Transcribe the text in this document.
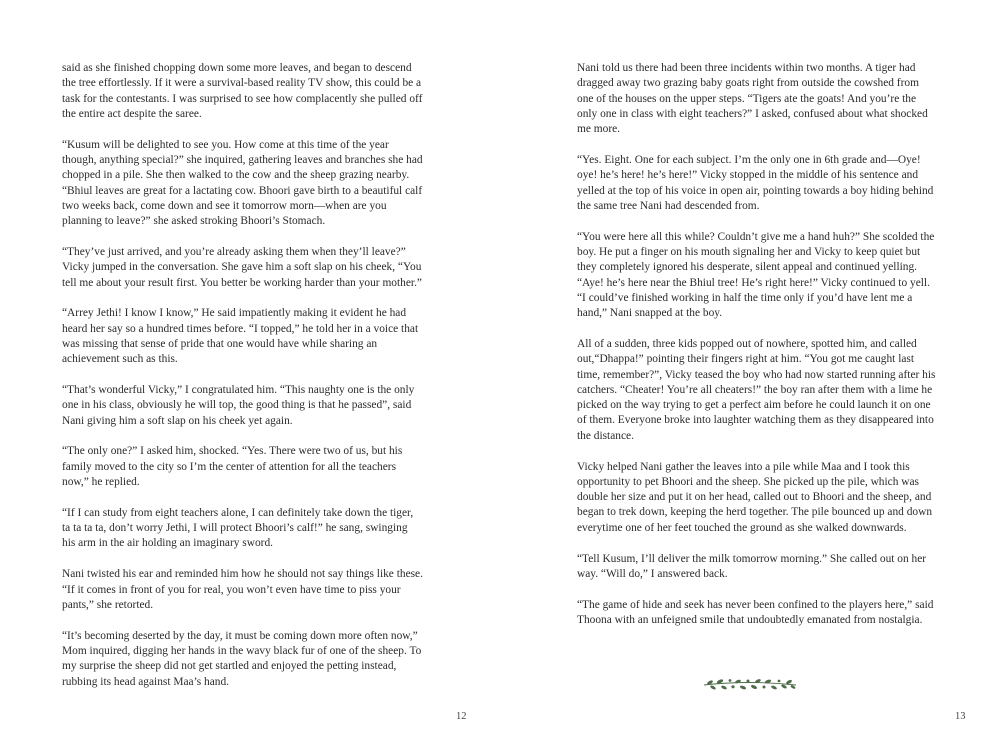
said as she finished chopping down some more leaves, and began to descend the tree effortlessly. If it were a survival-based reality TV show, this could be a task for the contestants. I was surprised to see how complacently she pulled off the entire act despite the saree.

“Kusum will be delighted to see you. How come at this time of the year though, anything special?” she inquired, gathering leaves and branches she had chopped in a pile. She then walked to the cow and the sheep grazing nearby. “Bhiul leaves are great for a lactating cow. Bhoori gave birth to a beautiful calf two weeks back, come down and see it tomorrow morn—when are you planning to leave?” she asked stroking Bhoori’s Stomach.

“They’ve just arrived, and you’re already asking them when they’ll leave?” Vicky jumped in the conversation. She gave him a soft slap on his cheek, “You tell me about your result first. You better be working harder than your mother.”

“Arrey Jethi! I know I know,” He said impatiently making it evident he had heard her say so a hundred times before. “I topped,” he told her in a voice that was missing that sense of pride that one would have while sharing an achievement such as this.

“That’s wonderful Vicky,” I congratulated him. “This naughty one is the only one in his class, obviously he will top, the good thing is that he passed”, said Nani giving him a soft slap on his cheek yet again.

“The only one?” I asked him, shocked. “Yes. There were two of us, but his family moved to the city so I’m the center of attention for all the teachers now,” he replied.

“If I can study from eight teachers alone, I can definitely take down the tiger, ta ta ta ta, don’t worry Jethi, I will protect Bhoori’s calf!” he sang, swinging his arm in the air holding an imaginary sword.

Nani twisted his ear and reminded him how he should not say things like these. “If it comes in front of you for real, you won’t even have time to piss your pants,” she retorted.

“It’s becoming deserted by the day, it must be coming down more often now,” Mom inquired, digging her hands in the wavy black fur of one of the sheep. To my surprise the sheep did not get startled and enjoyed the petting instead, rubbing its head against Maa’s hand.

12

Nani told us there had been three incidents within two months. A tiger had dragged away two grazing baby goats right from outside the cowshed from one of the houses on the upper steps. “Tigers ate the goats! And you’re the only one in class with eight teachers?” I asked, confused about what shocked me more.

“Yes. Eight. One for each subject. I’m the only one in 6th grade and—Oye! oye! he’s here! he’s here!” Vicky stopped in the middle of his sentence and yelled at the top of his voice in open air, pointing towards a boy hiding behind the same tree Nani had descended from.

“You were here all this while? Couldn’t give me a hand huh?” She scolded the boy. He put a finger on his mouth signaling her and Vicky to keep quiet but they completely ignored his desperate, silent appeal and continued yelling. “Aye! he’s here near the Bhiul tree! He’s right here!” Vicky continued to yell. “I could’ve finished working in half the time only if you’d have lent me a hand,” Nani snapped at the boy.

All of a sudden, three kids popped out of nowhere, spotted him, and called out,“Dhappa!” pointing their fingers right at him. “You got me caught last time, remember?”, Vicky teased the boy who had now started running after his catchers. “Cheater! You’re all cheaters!” the boy ran after them with a lime he picked on the way trying to get a perfect aim before he could launch it on one of them. Everyone broke into laughter watching them as they disappeared into the distance.

Vicky helped Nani gather the leaves into a pile while Maa and I took this opportunity to pet Bhoori and the sheep. She picked up the pile, which was double her size and put it on her head, called out to Bhoori and the sheep, and began to trek down, keeping the herd together. The pile bounced up and down everytime one of her feet touched the ground as she walked downwards.

“Tell Kusum, I’ll deliver the milk tomorrow morning.” She called out on her way. “Will do,” I answered back.

“The game of hide and seek has never been confined to the players here,” said Thoona with an unfeigned smile that undoubtedly emanated from nostalgia.

13
